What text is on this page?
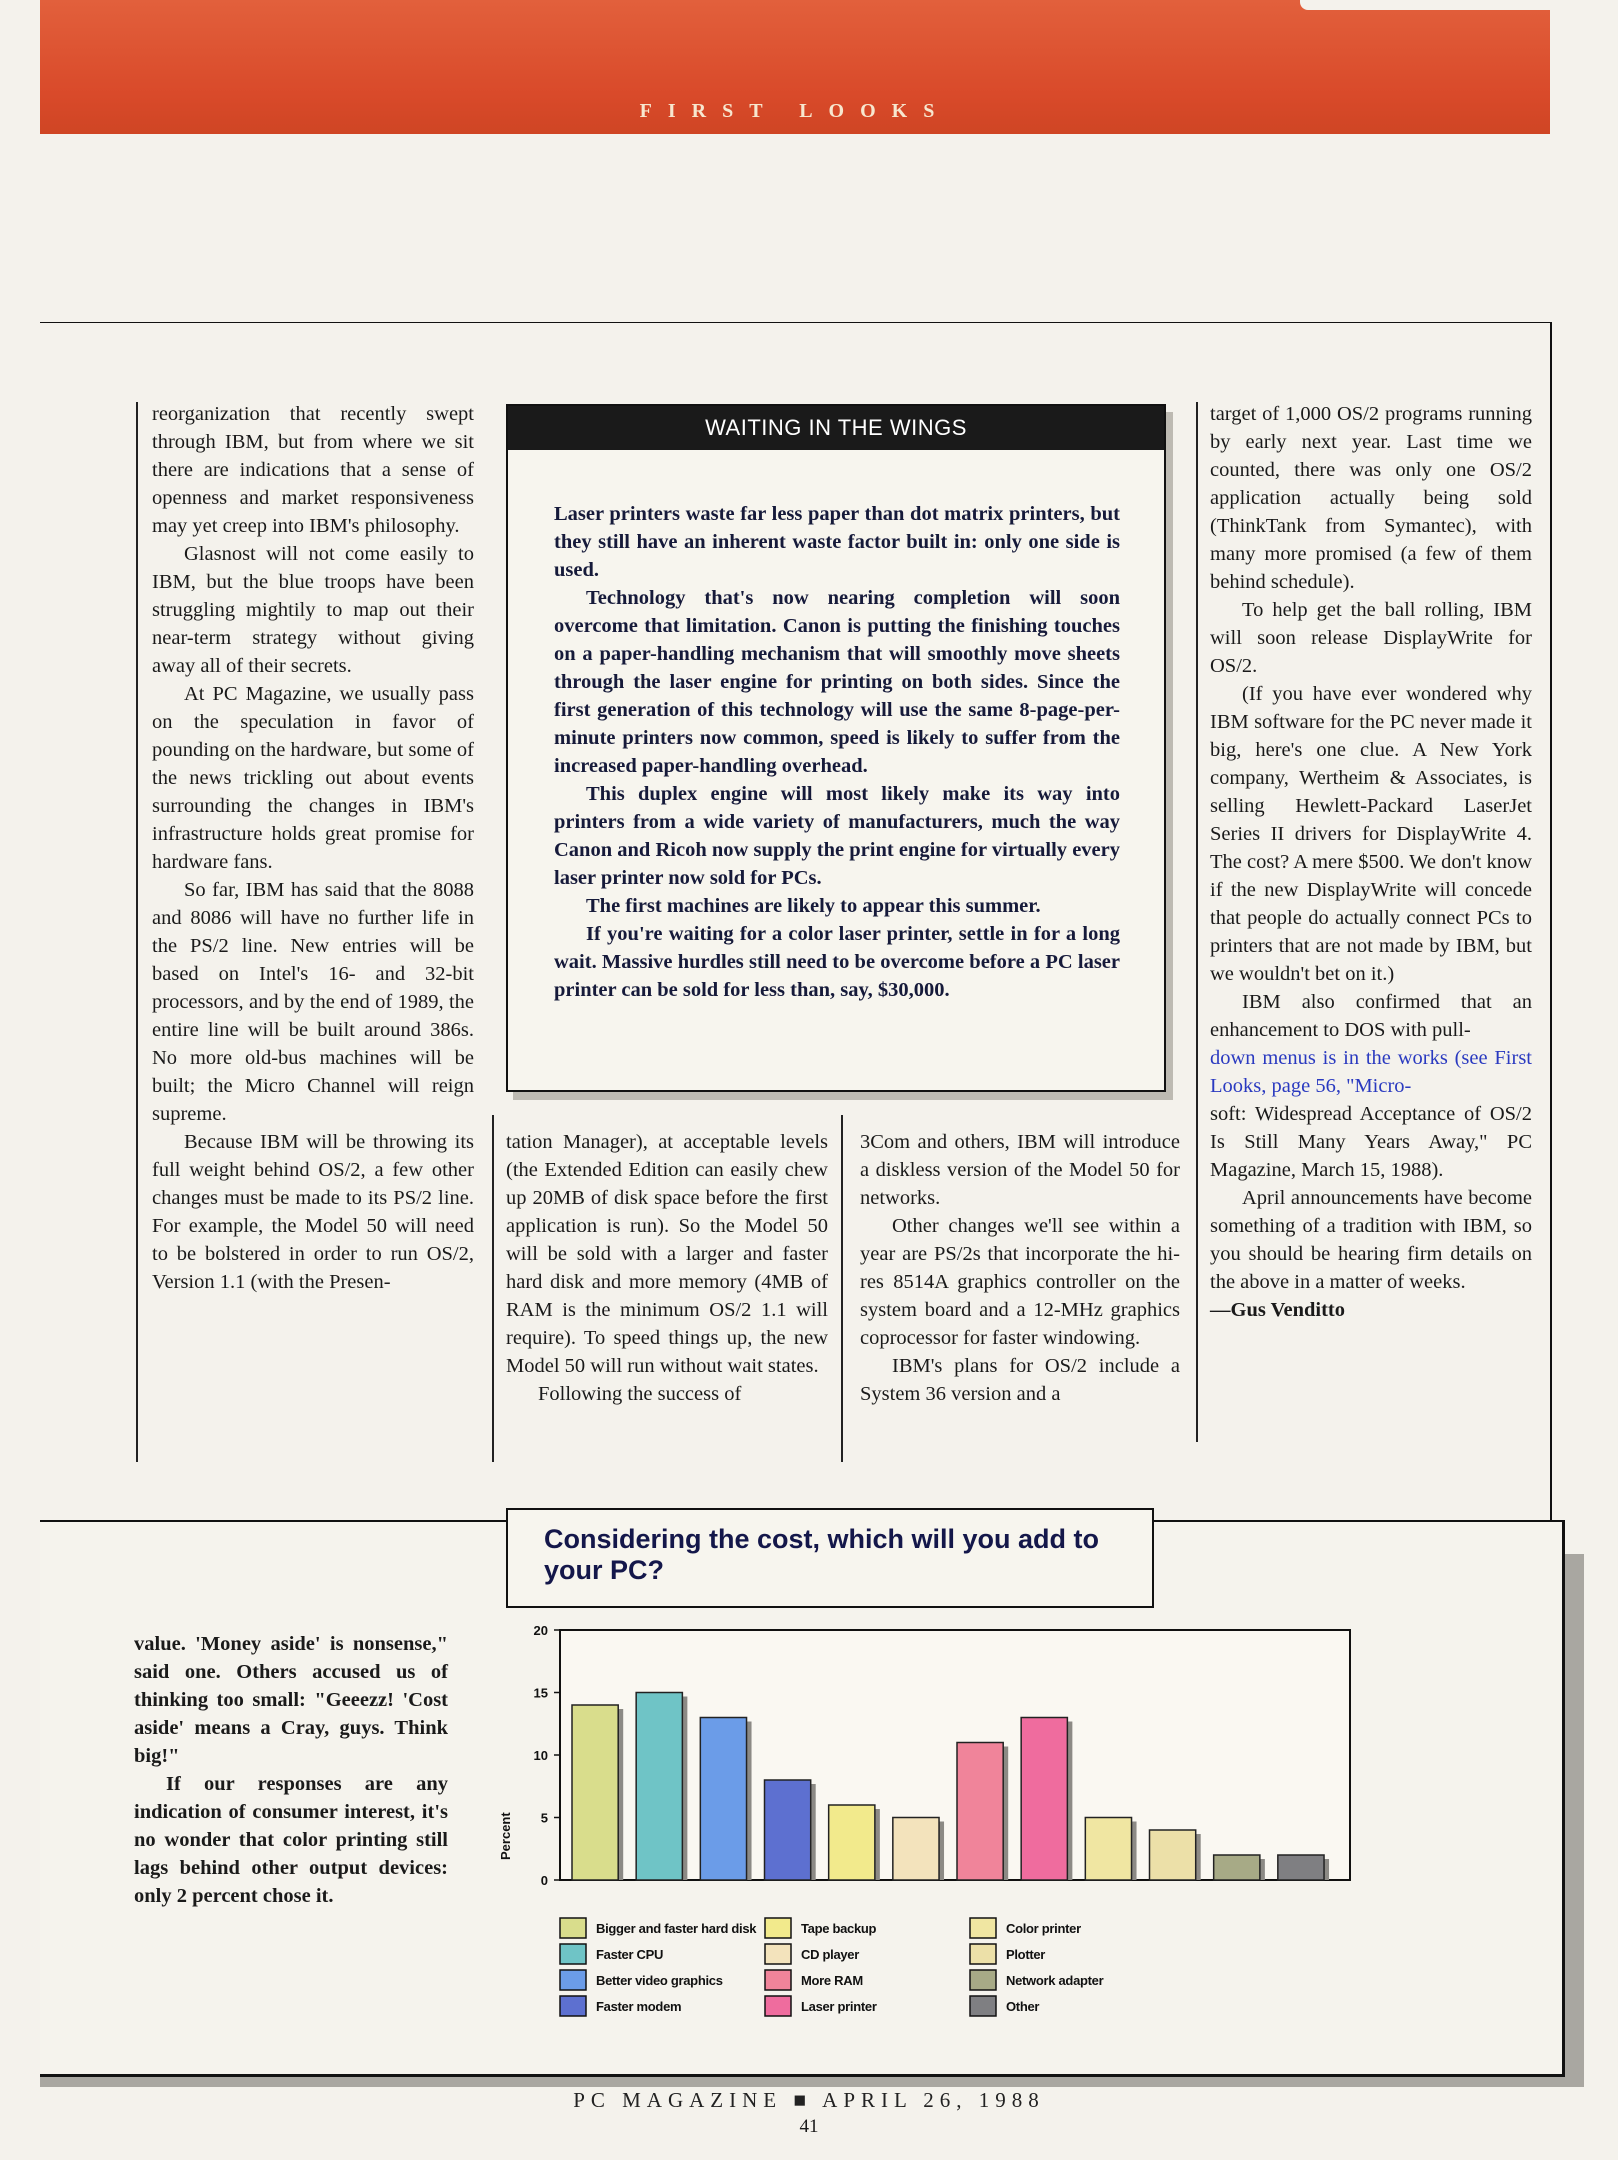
FIRST LOOKS

reorganization that recently swept through IBM, but from where we sit there are indications that a sense of openness and market responsiveness may yet creep into IBM's philosophy.

Glasnost will not come easily to IBM, but the blue troops have been struggling mightily to map out their near-term strategy without giving away all of their secrets.

At PC Magazine, we usually pass on the speculation in favor of pounding on the hardware, but some of the news trickling out about events surrounding the changes in IBM's infrastructure holds great promise for hardware fans.

So far, IBM has said that the 8088 and 8086 will have no further life in the PS/2 line. New entries will be based on Intel's 16- and 32-bit processors, and by the end of 1989, the entire line will be built around 386s. No more old-bus machines will be built; the Micro Channel will reign supreme.

Because IBM will be throwing its full weight behind OS/2, a few other changes must be made to its PS/2 line. For example, the Model 50 will need to be bolstered in order to run OS/2, Version 1.1 (with the Presen-

WAITING IN THE WINGS

Laser printers waste far less paper than dot matrix printers, but they still have an inherent waste factor built in: only one side is used.

Technology that's now nearing completion will soon overcome that limitation. Canon is putting the finishing touches on a paper-handling mechanism that will smoothly move sheets through the laser engine for printing on both sides. Since the first generation of this technology will use the same 8-page-per-minute printers now common, speed is likely to suffer from the increased paper-handling overhead.

This duplex engine will most likely make its way into printers from a wide variety of manufacturers, much the way Canon and Ricoh now supply the print engine for virtually every laser printer now sold for PCs.

The first machines are likely to appear this summer.

If you're waiting for a color laser printer, settle in for a long wait. Massive hurdles still need to be overcome before a PC laser printer can be sold for less than, say, $30,000.

tation Manager), at acceptable levels (the Extended Edition can easily chew up 20MB of disk space before the first application is run). So the Model 50 will be sold with a larger and faster hard disk and more memory (4MB of RAM is the minimum OS/2 1.1 will require). To speed things up, the new Model 50 will run without wait states.

Following the success of

3Com and others, IBM will introduce a diskless version of the Model 50 for networks.

Other changes we'll see within a year are PS/2s that incorporate the hi-res 8514A graphics controller on the system board and a 12-MHz graphics coprocessor for faster windowing.

IBM's plans for OS/2 include a System 36 version and a

target of 1,000 OS/2 programs running by early next year. Last time we counted, there was only one OS/2 application actually being sold (ThinkTank from Symantec), with many more promised (a few of them behind schedule).

To help get the ball rolling, IBM will soon release DisplayWrite for OS/2.

(If you have ever wondered why IBM software for the PC never made it big, here's one clue. A New York company, Wertheim & Associates, is selling Hewlett-Packard LaserJet Series II drivers for DisplayWrite 4. The cost? A mere $500. We don't know if the new DisplayWrite will concede that people do actually connect PCs to printers that are not made by IBM, but we wouldn't bet on it.)

IBM also confirmed that an enhancement to DOS with pull-

down menus is in the works (see First Looks, page 56, "Micro-

soft: Widespread Acceptance of OS/2 Is Still Many Years Away," PC Magazine, March 15, 1988).

April announcements have become something of a tradition with IBM, so you should be hearing firm details on the above in a matter of weeks.

—Gus Venditto

value. 'Money aside' is nonsense," said one. Others accused us of thinking too small: "Geeezz! 'Cost aside' means a Cray, guys. Think big!"

If our responses are any indication of consumer interest, it's no wonder that color printing still lags behind other output devices: only 2 percent chose it.

Considering the cost, which will you add to your PC?
0
5
10
15
20
Percent
Bigger and faster hard disk
Faster CPU
Better video graphics
Faster modem
Tape backup
CD player
More RAM
Laser printer
Color printer
Plotter
Network adapter
Other
PC MAGAZINE ■ APRIL 26, 1988
41
